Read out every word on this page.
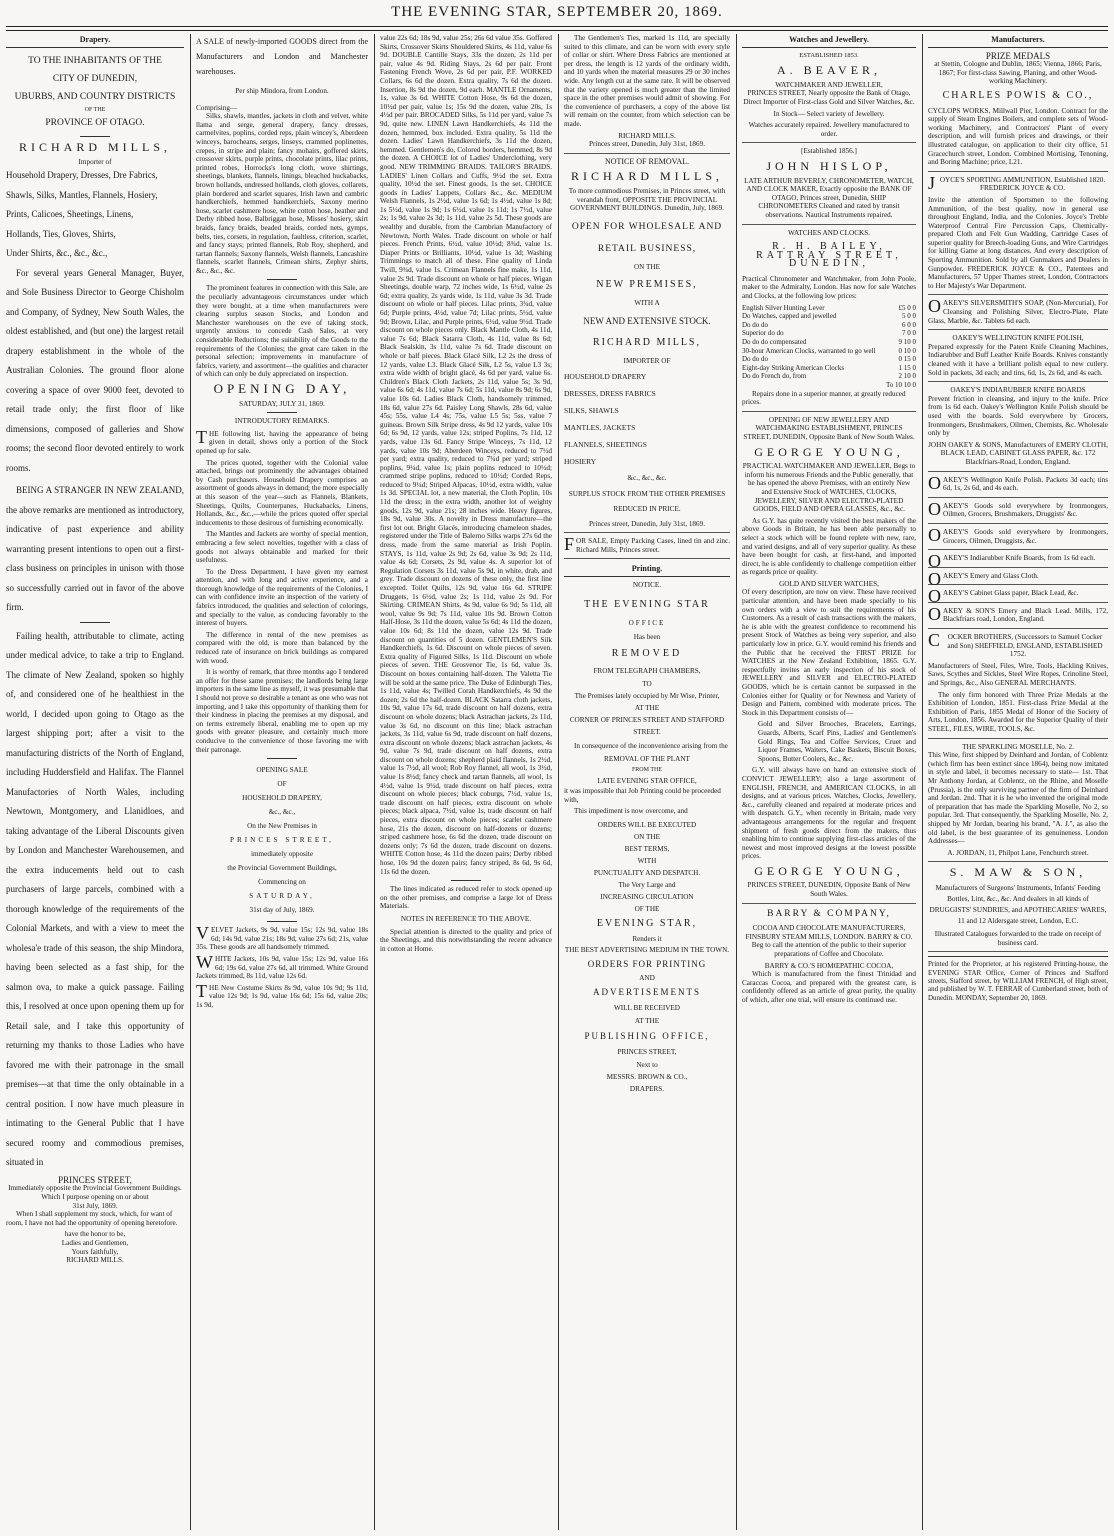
THE EVENING STAR, SEPTEMBER 20, 1869.
Drapery.
TO THE INHABITANTS OF THE
CITY OF DUNEDIN,
UBURBS, AND COUNTRY DISTRICTS
OF THE
PROVINCE OF OTAGO.
RICHARD MILLS,
Importer of
Household Drapery, Dresses, Dre Fabrics,
Shawls, Silks, Mantles, Flannels, Hosiery,
Prints, Calicoes, Sheetings, Linens,
Hollands, Ties, Gloves, Shirts,
Under Shirts, &c., &c., &c.,

For several years General Manager, Buyer, and Sole Business Director to George Chisholm and Company, of Sydney, New South Wales, the oldest established, and (but one) the largest retail drapery establishment in the whole of the Australian Colonies. The ground floor alone covering a space of over 9000 feet, devoted to retail trade only; the first floor of like dimensions, composed of galleries and Show rooms; the second floor devoted entirely to work rooms.

BEING A STRANGER IN NEW ZEALAND, the above remarks are mentioned as introductory, indicative of past experience and ability warranting present intentions to open out a first-class business on principles in unison with those so successfully carried out in favor of the above firm.

Failing health, attributable to climate, acting under medical advice, to take a trip to England. The climate of New Zealand, spoken so highly of, and considered one of he healthiest in the world, I decided upon going to Otago as the largest shipping port; after a visit to the manufacturing districts of the North of England, including Huddersfield and Halifax. The Flannel Manufactories of North Wales, including Newtown, Montgomery, and Llanidloes, and taking advantage of the Liberal Discounts given by London and Manchester Warehousemen, and the extra inducements held out to cash purchasers of large parcels, combined with a thorough knowledge of the requirements of the Colonial Markets, and with a view to meet the wholesa'e trade of this season, the ship Mindora, having been selected as a fast ship, for the salmon ova, to make a quick passage. Failing this, I resolved at once upon opening them up for Retail sale, and I take this opportunity of returning my thanks to those Ladies who have favored me with their patronage in the small premises—at that time the only obtainable in a central position. I now have much pleasure in intimating to the General Public that I have secured roomy and commodious premises, situated in

PRINCES STREET,
Immediately opposite the Provincial Government Buildings.
Which I purpose opening on or about
31st July, 1869.

When I shall supplement my stock, which, for want of room, I have not had the opportunity of opening heretofore.

have the honor to be,
Ladies and Gentlemen,
Yours faithfully,
RICHARD MILLS.

A SALE of newly-imported GOODS direct from the Manufacturers and London and Manchester warehouses.

Per ship Mindora, from London.
Comprising—

Silks, shawls, mantles, jackets in cloth and velvet, white llama and serge, general drapery, fancy dresses, carmelvites, poplins, corded reps, plain wincey's, Aberdeen winceys, barocheans, serges, linseys, crammed poplinettes, crepes, in stripe and plain; fancy mohairs, goffered skirts, crossover skirts, purple prints, chocolate prints, lilac prints, printed robes, Horrocks's long cloth, wove shirtings, sheetings, blankets, flannels, linings, bleached huckabacks, brown hollands, undressed hollands, cloth gloves, collarets, plain bordered and scarlet squares, Irish lawn and cambric handkerchiefs, hemmed handkerchiefs, Saxony merino hose, scarlet cashmere hose, white cotton hose, heather and Derby ribbed hose, Balbriggan hose, Misses' hosiery, skirt braids, fancy braids, beaded braids, corded nets, gymps, belts, ties, corsets, in regulation, faultless, criterion, scarlet, and fancy stays; printed flannels, Rob Roy, shepherd, and tartan flannels; Saxony flannels, Welsh flannels, Lancashire flannels, scarlet flannels, Crimean shirts, Zephyr shirts, &c., &c., &c.

The prominent features in connection with this Sale, are the peculiarly advantageous circumstances under which they were bought, at a time when manufacturers were clearing surplus season Stocks, and London and Manchester warehouses on the eve of taking stock, urgently anxious to concede Cash Sales, at very considerable Reductions; the suitability of the Goods to the requirements of the Colonies; the great care taken in the personal selection; improvements in manufacture of fabrics, variety, and assortment—the qualities and character of which can only be duly appreciated on inspection.

OPENING DAY,
SATURDAY, JULY 31, 1869.
INTRODUCTORY REMARKS.

THE following list, having the appearance of being given in detail, shows only a portion of the Stock opened up for sale.

The prices quoted, together with the Colonial value attached, brings out prominently the advantages obtained by Cash purchasers. Household Drapery comprises an assortment of goods always in demand; the more especially at this season of the year—such as Flannels, Blankets, Sheetings, Quilts, Counterpanes, Huckabacks, Linens, Hollands, &c., &c.,—while the prices quoted offer special inducements to those desirous of furnishing economically.

The Mantles and Jackets are worthy of special mention, embracing a few select novelties, together with a class of goods not always obtainable and marked for their usefulness.

To the Dress Department, I have given my earnest attention, and with long and active experience, and a thorough knowledge of the requirements of the Colonies, I can with confidence invite an inspection of the variety of fabrics introduced, the qualities and selection of colorings, and specially to the value, as conducing favorably to the interest of buyers.

The difference in rental of the new premises as compared with the old, is more than balanced by the reduced rate of insurance on brick buildings as compared with wood.

It is worthy of remark, that three months ago I tendered an offer for these same premises; the landlords being large importers in the same line as myself, it was presumable that I should not prove so desirable a tenant as one who was not importing, and I take this opportunity of thanking them for their kindness in placing the premises at my disposal, and on terms extremely liberal, enabling me to open up my goods with greater pleasure, and certainly much more conducive to the convenience of those favoring me with their patronage.

OPENING SALE
OF
HOUSEHOLD DRAPERY,
&c., &c.,
On the New Premises in
PRINCES STREET,
immediately opposite
the Provincial Government Buildings,
Commencing on
SATURDAY,
31st day of July, 1869.

VELVET Jackets, 9s 9d, value 15s; 12s 9d, value 18s 6d; 14s 9d, value 21s; 18s 9d, value 27s 6d; 21s, value 35s. These goods are all handsomely trimmed.

WHITE Jackets, 10s 9d, value 15s; 12s 9d, value 16s 6d; 19s 6d, value 27s 6d, all trimmed. White Ground Jackets trimmed, 8s 11d, value 12s 6d.

THE New Costume Skirts 8s 9d, value 10s 9d; 9s 11d, value 12s 9d; 1s 9d, value 16s 6d; 15s 6d, value 20s; 1s 9d,

value 22s 6d; 18s 9d, value 25s; 26s 6d value 35s. Goffered Skirts, Crossover Skirts Shouldered Skirts, 4s 11d, value 6s 9d. DOUBLE Cantille Stays, 33s the dozen, 2s 11d per pair, value 4s 9d. Riding Stays, 2s 6d per pair. Front Fastening French Wove, 2s 6d per pair, P.F. WORKED Collars, 6s 6d the dozen. Extra quality, 7s 6d the dozen. Insertion, 8s 9d the dozen, 9d each. MANTLE Ornaments, 1s, value 3s 6d. WHITE Cotton Hose, 9s 6d the dozen, 10½d per pair, value 1s; 15s 9d the dozen, value 20s, 1s 4½d per pair. BROCADED Silks, 5s 11d per yard, value 7s 9d, quite new. LINEN Lawn Handkerchiefs, 4s 11d the dozen, hemmed, box included. Extra quality, 5s 11d the dozen. Ladies' Lawn Handkerchiefs, 3s 11d the dozen, hemmed. Gentlemen's do, Colored borders, hemmed, 8s 9d the dozen. A CHOICE lot of Ladies' Underclothing, very good. NEW TRIMMING BRAIDS. TAILOR'S BRAIDS. LADIES' Linen Collars and Cuffs, 9½d the set. Extra quality, 10½d the set. Finest goods, 1s the set. CHOICE goods in Ladies' Lappets, Collars &c., &c. MEDIUM Welsh Flannels, 1s 2½d, value 1s 6d; 1s 4½d, value 1s 8d; 1s 5½d, value 1s 9d; 1s 6½d, value 1s 11d; 1s 7½d, value 2s; 1s 9d, value 2s 3d; 1s 11d, value 2s 5d. These goods are wealthy and durable, from the Cambrian Manufactory of Newtown, North Wales. Trade discount on whole or half pieces. French Prints, 6½d, value 10½d; 8¾d, value 1s. Diaper Prints or Brilliants, 10½d, value 1s 3d; Washing Trimmings to match all of these. Fine quality of Linda Twill, 9¾d, value 1s. Crimean Flannels fine make, 1s 11d, value 2s 9d. Trade discount on whole or half pieces. Wigan Sheetings, double warp, 72 inches wide, 1s 6½d, value 2s 6d; extra quality, 2s yards wide, 1s 11d, value 3s 3d. Trade discount on whole or half pieces. Lilac prints, 3¾d, value 6d; Purple prints, 4½d, value 7d; Lilac prints, 5½d, value 9d; Brown, Lilac, and Purple prints, 6½d, value 9½d. Trade discount on whole pieces only. Black Mantle Cloth, 4s 11d, value 7s 6d; Black Satarra Cloth, 4s 11d, value 8s 6d; Black Sealskin, 3s 11d, value 7s 6d. Trade discount on whole or half pieces. Black Glacé Silk, L2 2s the dress of 12 yards, value L3. Black Glacé Silk, L2 5s, value L3 3s; extra wide width of bright glacé, 4s 6d per yard, value 6s. Children's Black Cloth Jackets, 2s 11d, value 5s; 3s 9d, value 6s 6d; 4s 11d, value 7s 6d; 5s 11d, value 8s 9d; 6s 9d, value 10s 6d. Ladies Black Cloth, handsomely trimmed, 18s 6d, value 27s 6d. Paisley Long Shawls, 28s 6d, value 45s; 55s, value L4 4s; 75s, value L5 5s; 5ss, value 7 guineas. Brown Silk Stripe dress, 4s 9d 12 yards, value 10s 6d; 6s 9d, 12 yards, value 12s; striped Poplins, 7s 11d, 12 yards, value 13s 6d. Fancy Stripe Winceys, 7s 11d, 12 yards, value 10s 9d; Aberdeen Winceys, reduced to 7½d per yard; extra quality, reduced to 7¾d per yard; striped poplins, 9¼d, value 1s; plain poplins reduced to 10½d; crammed stripe poplins, reduced to 10½d; Corded Reps, reduced to 9¼d; Striped Alpacas, 10½d, extra width, value 1s 3d. SPECIAL lot, a new material, the Cloth Poplin, 10s 11d the dress; in the extra width, another lot of weighty goods, 12s 9d, value 21s; 28 inches wide. Heavy figures, 18s 9d, value 30s. A novelty in Dress manufacture—the first lot out. Bright Glacés, introducing chameleon shades, registered under the Title of Balerno Silks warps 27s 6d the dress, made from the same material as Irish Poplin. STAYS, 1s 11d, value 2s 9d; 2s 6d, value 3s 9d; 2s 11d, value 4s 6d; Corsets, 2s 9d, value 4s. A superior lot of Regulation Corsets 3s 11d, value 5s 9d, in white, drab, and grey. Trade discount on dozens of these only, the first line excepted. Toilet Quilts, 12s 9d, value 16s 6d. STRIPE Druggets, 1s 6½d, value 2s; 1s 11d, value 2s 9d. For Skirting. CRIMEAN Shirts, 4s 9d, value 6s 9d; 5s 11d, all wool, value 9s 9d; 7s 11d, value 10s 9d. Brown Cotton Half-Hose, 3s 11d the dozen, value 5s 6d; 4s 11d the dozen, value 10s 6d; 8s 11d the dozen, value 12s 9d. Trade discount on quantities of 5 dozen. GENTLEMEN'S Silk Handkerchiefs, 1s 6d. Discount on whole pieces of seven. Extra quality of Figured Silks, 1s 11d. Discount on whole pieces of seven. THE Grosvenor Tie, 1s 6d, value 3s. Discount on boxes containing half-dozen. The Valetta Tie will be sold at the same price. The Duke of Edinburgh Ties, 1s 11d, value 4s; Twilled Corah Handkerchiefs, 4s 9d the dozen; 2s 6d the half-dozen. BLACK Satarra cloth jackets, 10s 9d, value 17s 6d, trade discount on half dozens, extra discount on whole dozens; black Astrachan jackets, 2s 11d, value 3s 6d, no discount on this line; black astrachan jackets, 3s 11d, value 6s 9d, trade discount on half dozens, extra discount on whole dozens; black astrachan jackets, 4s 9d, value 7s 9d, trade discount on half dozens, extra discount on whole dozens; shepherd plaid flannels, 1s 2½d, value 1s 7½d, all wool; Rob Roy flannel, all wool, 1s 3½d, value 1s 8½d; fancy check and tartan flannels, all wool, 1s 4½d, value 1s 9½d, trade discount on half pieces, extra discount on whole pieces; black coburgs, 7½d, value 1s, trade discount on half pieces, extra discount on whole pieces; black alpaca, 7½d, value 1s, trade discount on half pieces, extra discount on whole pieces; scarlet cashmere hose, 21s the dozen, discount on half-dozens or dozens; striped cashmere hose, 6s 6d the dozen, trade discount on dozens only; 7s 6d the dozen, trade discount on dozens. WHITE Cotton hose, 4s 11d the dozen pairs; Derby ribbed hose, 10s 9d the dozen pairs; fancy striped, 8s 6d, 9s 6d, 11s 6d the dozen.

The lines indicated as reduced refer to stock opened up on the other premises, and comprise a large lot of Dress Materials.

NOTES IN REFERENCE TO THE ABOVE.

Special attention is directed to the quality and price of the Sheetings, and this notwithstanding the recent advance in cotton at Home.

The Gentlemen's Ties, marked 1s 11d, are specially suited to this climate, and can be worn with every style of collar or shirt. Where Dress Fabrics are mentioned at per dress, the length is 12 yards of the ordinary width, and 10 yards when the material measures 29 or 30 inches wide. Any length cut at the same rate. It will be observed that the variety opened is much greater than the limited space in the other premises would admit of showing. For the convenience of purchasers, a copy of the above list will remain on the counter, from which selection can be made.

RICHARD MILLS.
Princes street, Dunedin, July 31st, 1869.
NOTICE OF REMOVAL.
RICHARD MILLS,

To more commodious Premises, in Princes street, with verandah front, OPPOSITE THE PROVINCIAL GOVERNMENT BUILDINGS. Dunedin, July, 1869.

OPEN FOR WHOLESALE AND
RETAIL BUSINESS,
ON THE
NEW PREMISES,
WITH A
NEW AND EXTENSIVE STOCK.
RICHARD MILLS,
IMPORTER OF
HOUSEHOLD DRAPERY
DRESSES, DRESS FABRICS
SILKS, SHAWLS
MANTLES, JACKETS
FLANNELS, SHEETINGS
HOSIERY
&c., &c., &c.

SURPLUS STOCK FROM THE OTHER PREMISES REDUCED IN PRICE.

Princes street, Dunedin, July 31st, 1869.

FOR SALE, Empty Packing Cases, lined tin and zinc. Richard Mills, Princes street.

Printing.
NOTICE.
THE EVENING STAR
OFFICE
Has been
REMOVED
FROM TELEGRAPH CHAMBERS,
TO
The Premises lately occupied by Mr Wise, Printer,
AT THE
CORNER OF PRINCES STREET AND STAFFORD STREET.

In consequence of the inconvenience arising from the

REMOVAL OF THE PLANT
FROM THE
LATE EVENING STAR OFFICE,

it was impossible that Job Printing could be proceeded with,

This impediment is now overcome, and

ORDERS WILL BE EXECUTED
ON THE
BEST TERMS,
WITH
PUNCTUALITY AND DESPATCH.
The Very Large and
INCREASING CIRCULATION
OF THE
EVENING STAR,
Renders it
THE BEST ADVERTISING MEDIUM IN THE TOWN.
ORDERS FOR PRINTING
AND
ADVERTISEMENTS
WILL BE RECEIVED
AT THE
PUBLISHING OFFICE,
PRINCES STREET,
Next to
MESSRS. BROWN & CO.,
DRAPERS.
Watches and Jewellery.
ESTABLISHED 1853.
A. BEAVER,
WATCHMAKER AND JEWELLER,

PRINCES STREET, Nearly opposite the Bank of Otago, Direct Importer of First-class Gold and Silver Watches, &c.

In Stock— Select variety of Jewellery.

Watches accurately repaired. Jewellery manufactured to order.

[Established 1856.]
JOHN HISLOP,

LATE ARTHUR BEVERLY, CHRONOMETER, WATCH, AND CLOCK MAKER, Exactly opposite the BANK OF OTAGO, Princes street, Dunedin, SHIP CHRONOMETERS Cleaned and rated by transit observations. Nautical Instruments repaired.

WATCHES AND CLOCKS.
R. H. BAILEY, RATTRAY STREET, DUNEDIN,

Practical Chronometer and Watchmaker, from John Poole, maker to the Admiralty, London. Has now for sale Watches and Clocks, at the following low prices:

English Silver Hunting Lever	£5 0 0
Do Watches, capped and jewelled	5 0 0
Do do do	6 0 0
Superior do do	7 0 0
Do do do compensated	9 10 0
30-hour American Clocks, warranted to go well	0 10 0
Do do do	0 15 0
Eight-day Striking American Clocks	1 15 0
Do do French do, from	2 10 0
	To 10 10 0

Repairs done in a superior manner, at greatly reduced prices.

OPENING OF NEW JEWELLERY AND WATCHMAKING ESTABLISHMENT, PRINCES STREET, DUNEDIN, Opposite Bank of New South Wales.

GEORGE YOUNG,

PRACTICAL WATCHMAKER AND JEWELLER, Begs to inform his numerous Friends and the Public generally, that he has opened the above Premises, with an entirely New and Extensive Stock of WATCHES, CLOCKS, JEWELLERY, SILVER AND ELECTRO-PLATED GOODS, FIELD AND OPERA GLASSES, &c., &c.

As G.Y. has quite recently visited the best makers of the above Goods in Britain, he has been able personally to select a stock which will be found replete with new, rare, and varied designs, and all of very superior quality. As these have been bought for cash, at first-hand, and imported direct, he is able confidently to challenge competition either as regards price or quality.

GOLD AND SILVER WATCHES,

Of every description, are now on view. These have received particular attention, and have been made specially to his own orders with a view to suit the requirements of his Customers. As a result of cash transactions with the makers, he is able with the greatest confidence to recommend his present Stock of Watches as being very superior, and also particularly low in price. G.Y. would remind his friends and the Public that he received the FIRST PRIZE for WATCHES at the New Zealand Exhibition, 1865. G.Y. respectfully invites an early inspection of his stock of JEWELLERY and SILVER and ELECTRO-PLATED GOODS, which he is certain cannot be surpassed in the Colonies either for Quality or for Newness and Variety of Design and Pattern, combined with moderate prices. The Stock in this Department consists of—

Gold and Silver Brooches, Bracelets, Earrings, Guards, Alberts, Scarf Pins, Ladies' and Gentlemen's Gold Rings, Tea and Coffee Services, Cruet and Liquor Frames, Waiters, Cake Baskets, Biscuit Boxes, Spoons, Butter Coolers, &c., &c.

G.Y. will always have on hand an extensive stock of CONVICT JEWELLERY; also a large assortment of ENGLISH, FRENCH, and AMERICAN CLOCKS, in all designs, and at various prices. Watches, Clocks, Jewellery, &c., carefully cleaned and repaired at moderate prices and with despatch. G.Y., when recently in Britain, made very advantageous arrangements for the regular and frequent shipment of fresh goods direct from the makers, thus enabling him to continue supplying first-class articles of the newest and most improved designs at the lowest possible prices.

GEORGE YOUNG,

PRINCES STREET, DUNEDIN, Opposite Bank of New South Wales.

BARRY & COMPANY,

COCOA AND CHOCOLATE MANUFACTURERS, FINSBURY STEAM MILLS, LONDON. BARRY & CO. Beg to call the attention of the public to their superior preparations of Coffee and Chocolate.

BARRY & CO.'S HOMŒPATHIC COCOA,

Which is manufactured from the finest Trinidad and Caraccas Cocoa, and prepared with the greatest care, is confidently offered as an article of great purity, the quality of which, after one trial, will ensure its continued use.

Manufacturers.
PRIZE MEDALS

at Stettin, Cologne and Dublin, 1865; Vienna, 1866; Paris, 1867; For first-class Sawing, Planing, and other Wood-working Machinery.

CHARLES POWIS & CO.,

CYCLOPS WORKS, Millwall Pier, London. Contract for the supply of Steam Engines Boilers, and complete sets of Wood-working Machinery, and Contractors' Plant of every description, and will furnish prices and drawings, or their illustrated catalogue, on application to their city office, 51 Gracechurch street, London. Combined Mortising, Tenoning, and Boring Machine; price, L21.

JOYCE'S SPORTING AMMUNITION. Established 1820. FREDERICK JOYCE & CO.

Invite the attention of Sportsmen to the following Ammunition, of the best quality, now in general use throughout England, India, and the Colonies. Joyce's Treble Waterproof Central Fire Percussion Caps, Chemically-prepared Cloth and Felt Gun Wadding, Cartridge Cases of superior quality for Breech-loading Guns, and Wire Cartridges for killing Game at long distances. And every description of Sporting Ammunition. Sold by all Gunmakers and Dealers in Gunpowder. FREDERICK JOYCE & CO., Patentees and Manufacturers, 57 Upper Thames street, London, Contractors to Her Majesty's War Department.

OAKEY'S SILVERSMITH'S SOAP, (Non-Mercurial), For Cleansing and Polishing Silver, Electro-Plate, Plate Glass, Marble, &c. Tablets 6d each.

OAKEY'S WELLINGTON KNIFE POLISH,

Prepared expressly for the Patent Knife Cleaning Machines, Indiarubber and Buff Leather Knife Boards. Knives constantly cleaned with it have a brilliant polish equal to new cutlery. Sold in packets, 3d each; and tins, 6d, 1s, 2s 6d, and 4s each.

OAKEY'S INDIARUBBER KNIFE BOARDS

Prevent friction in cleansing, and injury to the knife. Price from 1s 6d each. Oakey's Wellington Knife Polish should be used with the boards. Sold everywhere by Grocers, Ironmongers, Brushmakers, Oilmen, Chemists, &c. Wholesale only by

JOHN OAKEY & SONS, Manufacturers of EMERY CLOTH, BLACK LEAD, CABINET GLASS PAPER, &c. 172 Blackfriars-Road, London, England.

OAKEY'S Wellington Knife Polish. Packets 3d each; tins 6d, 1s, 2s 6d, and 4s each.

OAKEY'S Goods sold everywhere by Ironmongers, Oilmen, Grocers, Brushmakers, Druggists' &c.

OAKEY'S Goods sold everywhere by Ironmongers, Grocers, Oilmen, Druggists, &c.

OAKEY'S Indiarubber Knife Boards, from 1s 6d each.

OAKEY'S Emery and Glass Cloth.

OAKEY'S Cabinet Glass paper, Black Lead, &c.

OAKEY & SON'S Emery and Black Lead. Mills, 172, Blackfriars road, London, England.

COCKER BROTHERS, (Successors to Samuel Cocker and Son) SHEFFIELD, ENGLAND, ESTABLISHED 1752.

Manufacturers of Steel, Files, Wire, Tools, Hackling Knives, Saws, Scythes and Sickles, Steel Wire Ropes, Crinoline Steel, and Springs, &c., Also GENERAL MERCHANTS.

The only firm honored with Three Prize Medals at the Exhibition of London, 1851. First-class Prize Medal at the Exhibition of Paris, 1855 Medal of Honor of the Society of Arts, London, 1856. Awarded for the Superior Quality of their STEEL, FILES, WIRE, TOOLS, &c.

THE SPARKLING MOSELLE, No. 2.

This Wine, first shipped by Deinhard and Jordan, of Coblentz (which firm has been extinct since 1864), being now imitated in style and label, it becomes necessary to state— 1st. That Mr Anthony Jordan, at Coblentz, on the Rhine, and Moselle (Prussia), is the only surviving partner of the firm of Deinhard and Jordan. 2nd. That it is he who invented the original mode of preparation that has made the Sparkling Moselle, No 2, so popular. 3rd. That consequently, the Sparkling Moselle, No. 2, shipped by Mr Jordan, bearing his brand, "A. J.", as also the old label, is the best guarantee of its genuineness. London Addresses—

A. JORDAN, 11, Philpot Lane, Fenchurch street.

S. MAW & SON,

Manufacturers of Surgeons' Instruments, Infants' Feeding Bottles, Lint, &c., &c. And dealers in all kinds of DRUGGISTS' SUNDRIES, and APOTHECARIES' WARES, 11 and 12 Aldersgate street, London, E.C.

Illustrated Catalogues forwarded to the trade on receipt of business card.

Printed for the Proprietor, at his registered Printing-house, the EVENING STAR Office, Corner of Princes and Stafford streets, Stafford street, by WILLIAM FRENCH, of High street, and published by W. T. FERRAR of Cumberland street, both of Dunedin. MONDAY, September 20, 1869.
